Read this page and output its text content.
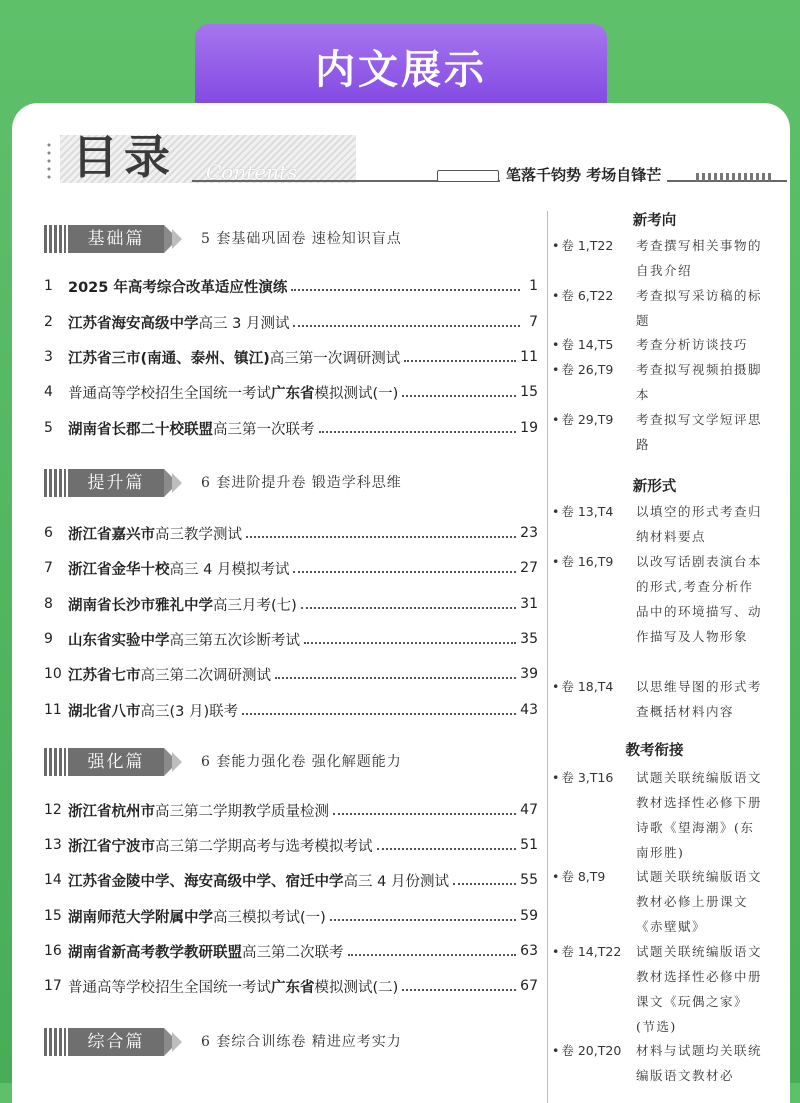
内文展示
目录 Contents	笔落千钧势 考场自锋芒
基础篇	5 套基础巩固卷 速检知识盲点
提升篇	6 套进阶提升卷 锻造学科思维
强化篇	6 套能力强化卷 强化解题能力
综合篇	6 套综合训练卷 精进应考实力
1	2025 年高考综合改革适应性演练	1
2	江苏省海安高级中学高三 3 月测试	7
3	江苏省三市(南通、泰州、镇江)高三第一次调研测试	11
4	普通高等学校招生全国统一考试广东省模拟测试(一)	15
5	湖南省长郡二十校联盟高三第一次联考	19
6	浙江省嘉兴市高三教学测试	23
7	浙江省金华十校高三 4 月模拟考试	27
8	湖南省长沙市雅礼中学高三月考(七)	31
9	山东省实验中学高三第五次诊断考试	35
10 江苏省七市高三第二次调研测试	39
11 湖北省八市高三(3 月)联考	43
12 浙江省杭州市高三第二学期教学质量检测	47
13 浙江省宁波市高三第二学期高考与选考模拟考试	51
14 江苏省金陵中学、海安高级中学、宿迁中学高三 4 月份测试	55
15 湖南师范大学附属中学高三模拟考试(一)	59
16 湖南省新高考教学教研联盟高三第二次联考	63
17 普通高等学校招生全国统一考试广东省模拟测试(二)	67
新考向
• 卷 1,T22 考查撰写相关事物的自我介绍
• 卷 6,T22 考查拟写采访稿的标题
• 卷 14,T5 考查分析访谈技巧
• 卷 26,T9 考查拟写视频拍摄脚本
• 卷 29,T9 考查拟写文学短评思路
新形式
• 卷 13,T4 以填空的形式考查归纳材料要点
• 卷 16,T9 以改写话剧表演台本的形式,考查分析作品中的环境描写、动作描写及人物形象
• 卷 18,T4 以思维导图的形式考查概括材料内容
教考衔接
• 卷 3,T16 试题关联统编版语文教材选择性必修下册诗歌《望海潮》(东南形胜)
• 卷 8,T9 试题关联统编版语文教材必修上册课文《赤壁赋》
• 卷 14,T22 试题关联统编版语文教材选择性必修中册课文《玩偶之家》(节选)
• 卷 20,T20 材料与试题均关联统编版语文教材必
